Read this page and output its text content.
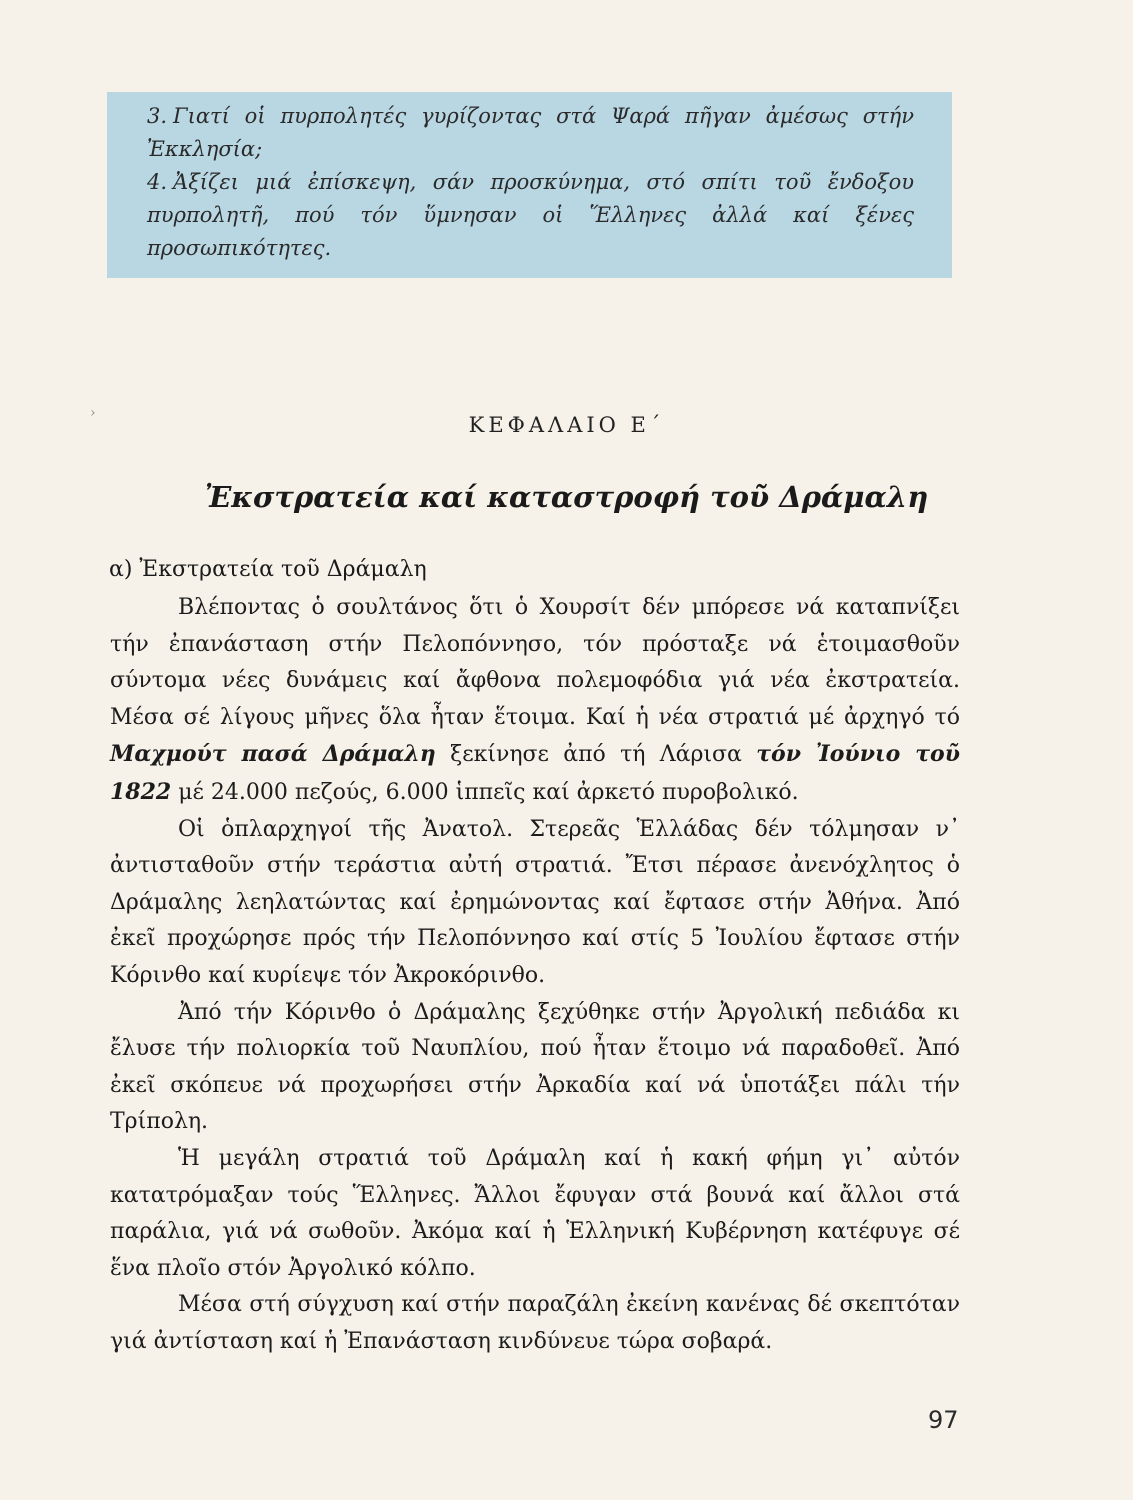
3. Γιατί οἱ πυρπολητές γυρίζοντας στά Ψαρά πῆγαν ἀμέσως στήν Ἐκκλησία;

4. Ἀξίζει μιά ἐπίσκεψη, σάν προσκύνημα, στό σπίτι τοῦ ἔνδοξου πυρπολητῆ, πού τόν ὕμνησαν οἱ Ἕλληνες ἀλλά καί ξένες προσωπικότητες.

›	ΚΕΦΑΛΑΙΟ Ε΄
Ἐκστρατεία καί καταστροφή τοῦ Δράμαλη
α) Ἐκστρατεία τοῦ Δράμαλη

Βλέποντας ὁ σουλτάνος ὅτι ὁ Χουρσίτ δέν μπόρεσε νά καταπνίξει τήν ἐπανάσταση στήν Πελοπόννησο, τόν πρόσταξε νά ἑτοιμασθοῦν σύντομα νέες δυνάμεις καί ἄφθονα πολεμοφόδια γιά νέα ἐκστρατεία. Μέσα σέ λίγους μῆνες ὅλα ἦταν ἕτοιμα. Καί ἡ νέα στρατιά μέ ἀρχηγό τό Μαχμούτ πασά Δράμαλη ξεκίνησε ἀπό τή Λάρισα τόν Ἰούνιο τοῦ 1822 μέ 24.000 πεζούς, 6.000 ἱππεῖς καί ἀρκετό πυροβολικό.

Οἱ ὁπλαρχηγοί τῆς Ἀνατολ. Στερεᾶς Ἑλλάδας δέν τόλμησαν ν᾽ ἀντισταθοῦν στήν τεράστια αὐτή στρατιά. Ἔτσι πέρασε ἀνενόχλητος ὁ Δράμαλης λεηλατώντας καί ἐρημώνοντας καί ἔφτασε στήν Ἀθήνα. Ἀπό ἐκεῖ προχώρησε πρός τήν Πελοπόννησο καί στίς 5 Ἰουλίου ἔφτασε στήν Κόρινθο καί κυρίεψε τόν Ἀκροκόρινθο.

Ἀπό τήν Κόρινθο ὁ Δράμαλης ξεχύθηκε στήν Ἀργολική πεδιάδα κι ἔλυσε τήν πολιορκία τοῦ Ναυπλίου, πού ἦταν ἕτοιμο νά παραδοθεῖ. Ἀπό ἐκεῖ σκόπευε νά προχωρήσει στήν Ἀρκαδία καί νά ὑποτάξει πάλι τήν Τρίπολη.

Ἡ μεγάλη στρατιά τοῦ Δράμαλη καί ἡ κακή φήμη γι᾽ αὐτόν κατατρόμαξαν τούς Ἕλληνες. Ἄλλοι ἔφυγαν στά βουνά καί ἄλλοι στά παράλια, γιά νά σωθοῦν. Ἀκόμα καί ἡ Ἑλληνική Κυβέρνηση κατέφυγε σέ ἕνα πλοῖο στόν Ἀργολικό κόλπο.

Μέσα στή σύγχυση καί στήν παραζάλη ἐκείνη κανένας δέ σκεπτόταν γιά ἀντίσταση καί ἡ Ἐπανάσταση κινδύνευε τώρα σοβαρά.

97
